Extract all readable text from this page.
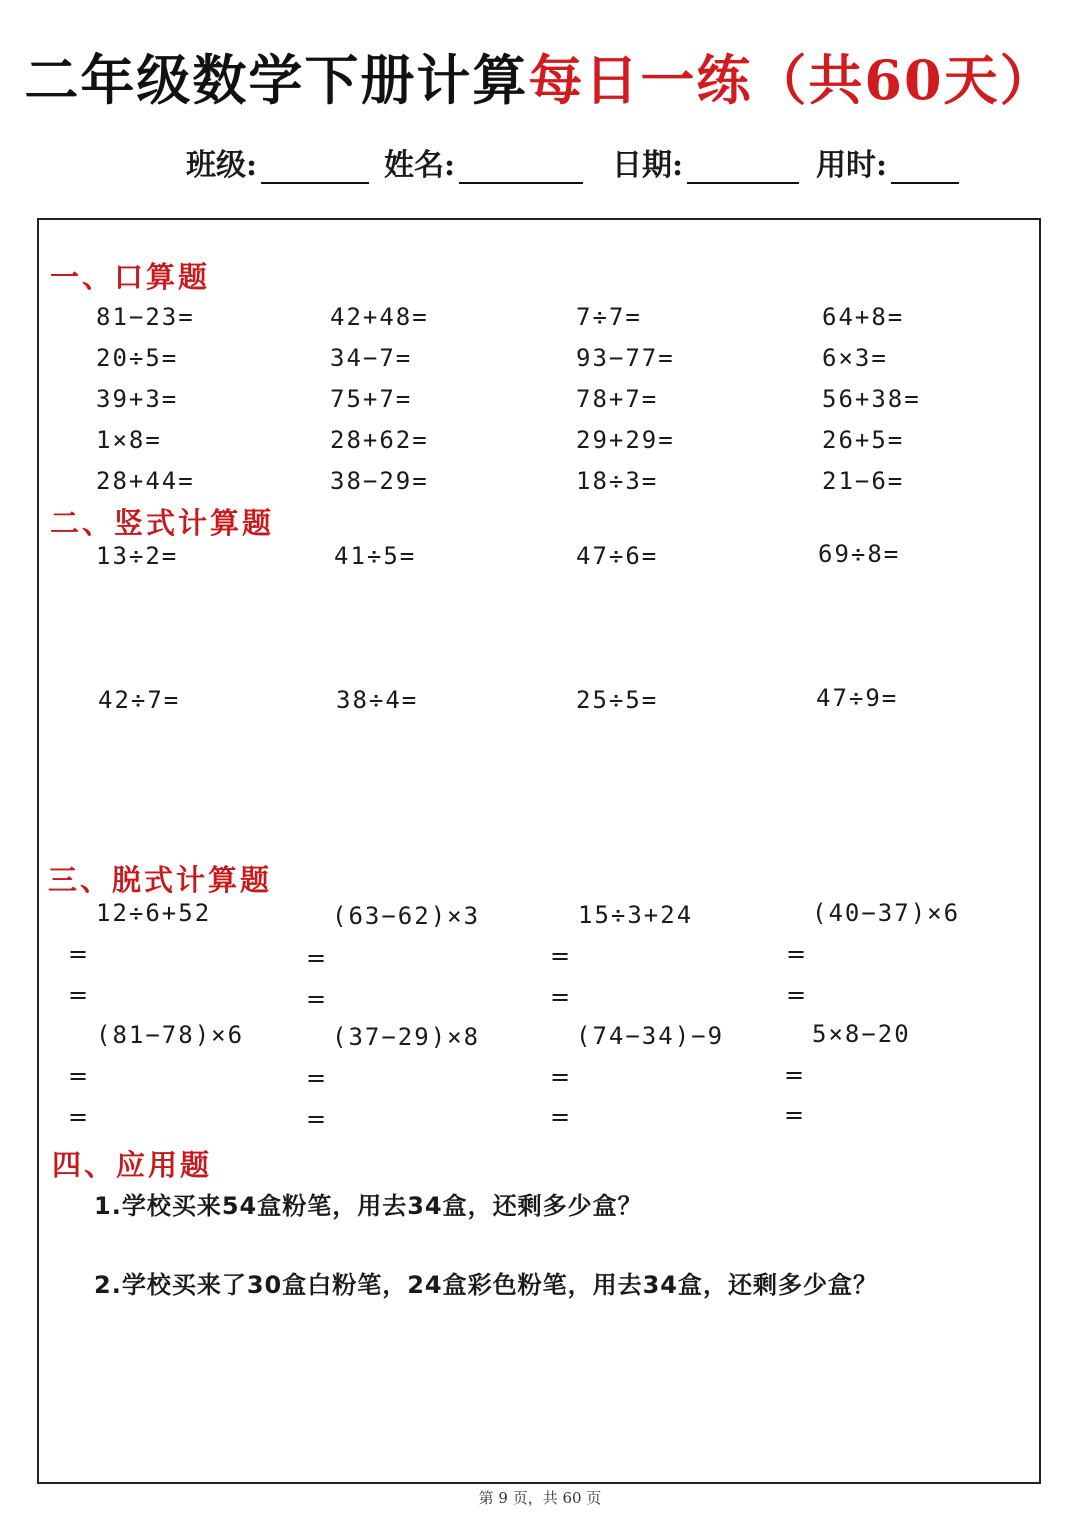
二年级数学下册计算每日一练（共60天）
班级:	姓名:	日期:	用时:
一、口算题
81−23=	42+48=	7÷7=	64+8=
20÷5=	34−7=	93−77=	6×3=
39+3=	75+7=	78+7=	56+38=
1×8=	28+62=	29+29=	26+5=
28+44=	38−29=	18÷3=	21−6=
二、竖式计算题
13÷2=	41÷5=	47÷6=	69÷8=
42÷7=	38÷4=	25÷5=	47÷9=
三、脱式计算题
12÷6+52	(63−62)×3	15÷3+24	(40−37)×6
=	=	=	=
=	=	=	=
(81−78)×6	(37−29)×8	(74−34)−9	5×8−20
=	=	=	=
=	=	=	=
四、应用题
1.学校买来54盒粉笔，用去34盒，还剩多少盒？
2.学校买来了30盒白粉笔，24盒彩色粉笔，用去34盒，还剩多少盒？
第 9 页，共 60 页
